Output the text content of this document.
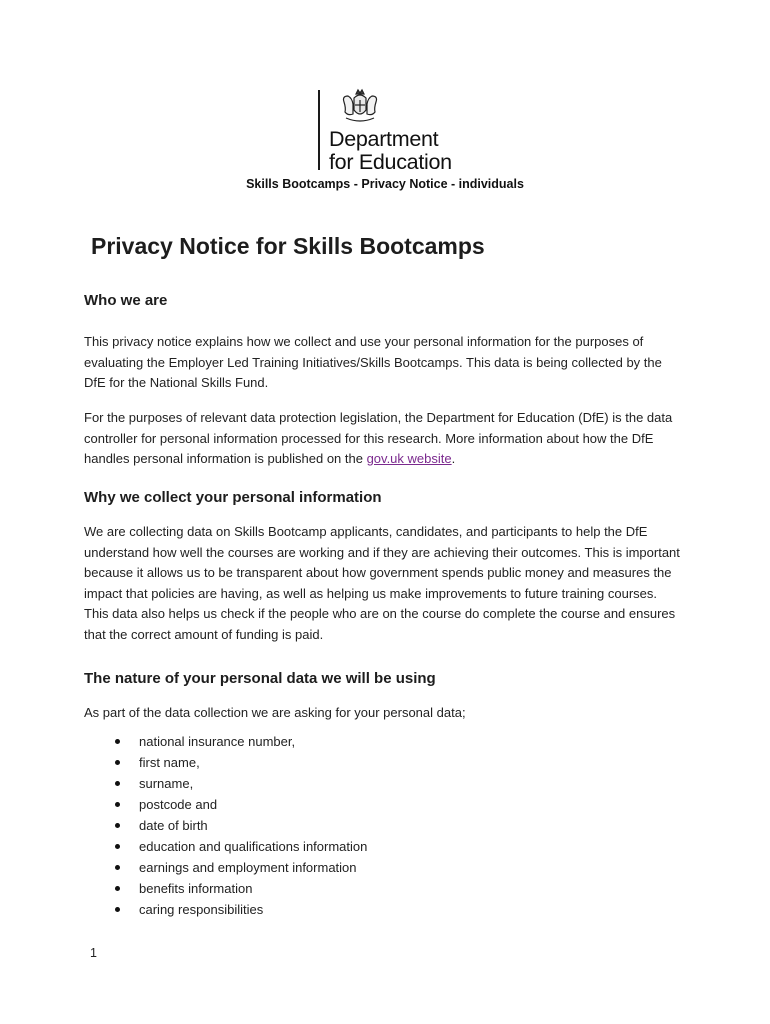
Department
for Education
Skills Bootcamps - Privacy Notice - individuals
Privacy Notice for Skills Bootcamps
Who we are

This privacy notice explains how we collect and use your personal information for the purposes of evaluating the Employer Led Training Initiatives/Skills Bootcamps. This data is being collected by the DfE for the National Skills Fund.

For the purposes of relevant data protection legislation, the Department for Education (DfE) is the data controller for personal information processed for this research. More information about how the DfE handles personal information is published on the gov.uk website.

Why we collect your personal information

We are collecting data on Skills Bootcamp applicants, candidates, and participants to help the DfE understand how well the courses are working and if they are achieving their outcomes. This is important because it allows us to be transparent about how government spends public money and measures the impact that policies are having, as well as helping us make improvements to future training courses. This data also helps us check if the people who are on the course do complete the course and ensures that the correct amount of funding is paid.

The nature of your personal data we will be using

As part of the data collection we are asking for your personal data;

national insurance number,
first name,
surname,
postcode and
date of birth
education and qualifications information
earnings and employment information
benefits information
caring responsibilities
1
